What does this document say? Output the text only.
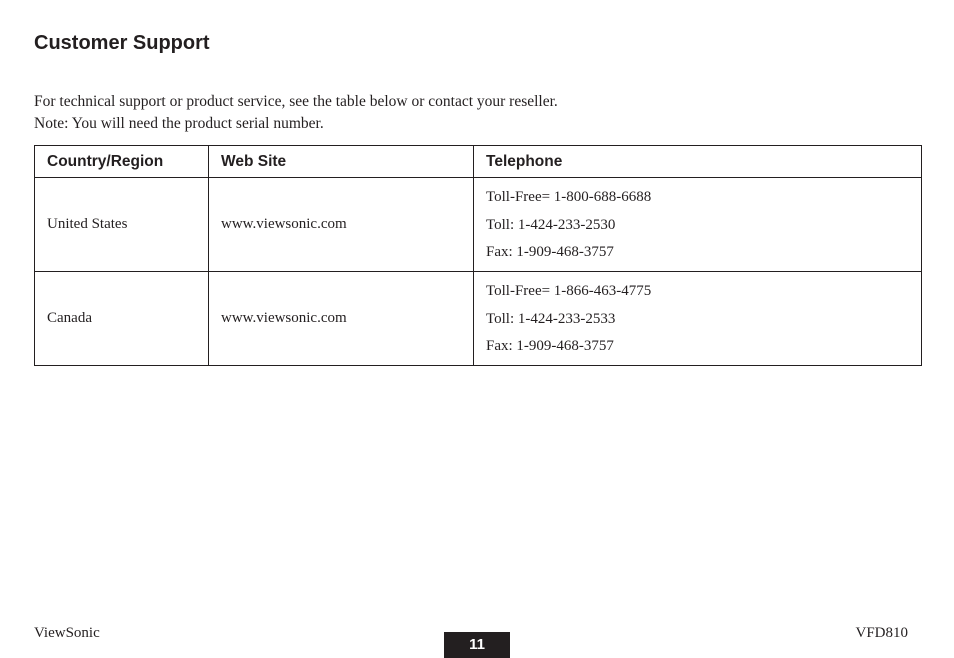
Customer Support
For technical support or product service, see the table below or contact your reseller.
Note: You will need the product serial number.
Country/Region	Web Site	Telephone
United States	www.viewsonic.com	Toll-Free= 1-800-688-6688
Toll: 1-424-233-2530
Fax: 1-909-468-3757

Canada	www.viewsonic.com	Toll-Free= 1-866-463-4775
Toll: 1-424-233-2533
Fax: 1-909-468-3757
ViewSonic
11
VFD810
